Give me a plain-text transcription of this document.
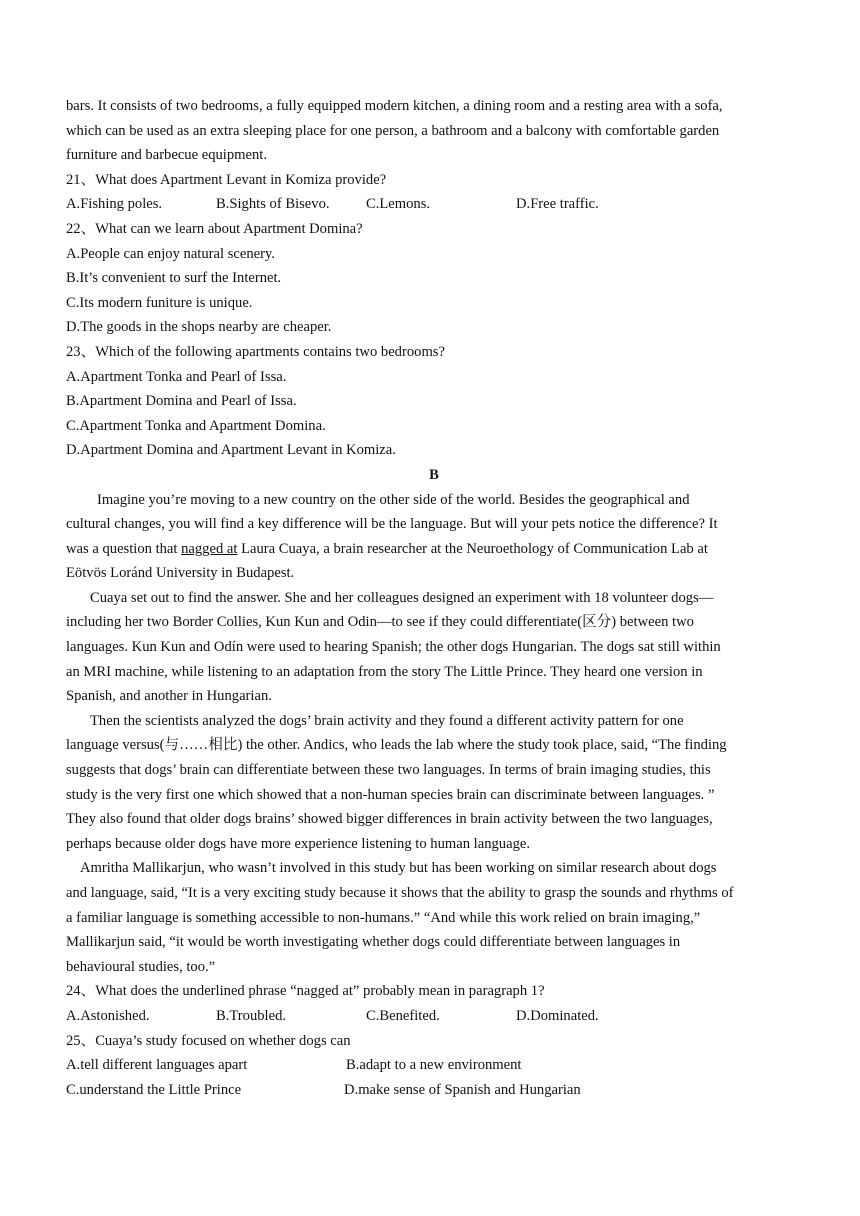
bars. It consists of two bedrooms, a fully equipped modern kitchen, a dining room and a resting area with a sofa,
which can be used as an extra sleeping place for one person, a bathroom and a balcony with comfortable garden
furniture and barbecue equipment.
21、What does Apartment Levant in Komiza provide?
A.Fishing poles.	B.Sights of Bisevo. C.Lemons.	D.Free traffic.
22、What can we learn about Apartment Domina?
A.People can enjoy natural scenery.
B.It’s convenient to surf the Internet.
C.Its modern funiture is unique.
D.The goods in the shops nearby are cheaper.
23、Which of the following apartments contains two bedrooms?
A.Apartment Tonka and Pearl of Issa.
B.Apartment Domina and Pearl of Issa.
C.Apartment Tonka and Apartment Domina.
D.Apartment Domina and Apartment Levant in Komiza.
B
Imagine you’re moving to a new country on the other side of the world. Besides the geographical and
cultural changes, you will find a key difference will be the language. But will your pets notice the difference? It
was a question that nagged at Laura Cuaya, a brain researcher at the Neuroethology of Communication Lab at
Eötvös Loránd University in Budapest.
Cuaya set out to find the answer. She and her colleagues designed an experiment with 18 volunteer dogs—
including her two Border Collies, Kun Kun and Odin—to see if they could differentiate(区分) between two
languages. Kun Kun and Odín were used to hearing Spanish; the other dogs Hungarian. The dogs sat still within
an MRI machine, while listening to an adaptation from the story The Little Prince. They heard one version in
Spanish, and another in Hungarian.
Then the scientists analyzed the dogs’ brain activity and they found a different activity pattern for one
language versus(与……相比) the other. Andics, who leads the lab where the study took place, said, “The finding
suggests that dogs’ brain can differentiate between these two languages. In terms of brain imaging studies, this
study is the very first one which showed that a non-human species brain can discriminate between languages. ”
They also found that older dogs brains’ showed bigger differences in brain activity between the two languages,
perhaps because older dogs have more experience listening to human language.
Amritha Mallikarjun, who wasn’t involved in this study but has been working on similar research about dogs
and language, said, “It is a very exciting study because it shows that the ability to grasp the sounds and rhythms of
a familiar language is something accessible to non-humans.” “And while this work relied on brain imaging,”
Mallikarjun said, “it would be worth investigating whether dogs could differentiate between languages in
behavioural studies, too.”
24、What does the underlined phrase “nagged at” probably mean in paragraph 1?
A.Astonished.	B.Troubled.	C.Benefited.	D.Dominated.
25、Cuaya’s study focused on whether dogs can
A.tell different languages apart	B.adapt to a new environment
C.understand the Little Prince	D.make sense of Spanish and Hungarian
